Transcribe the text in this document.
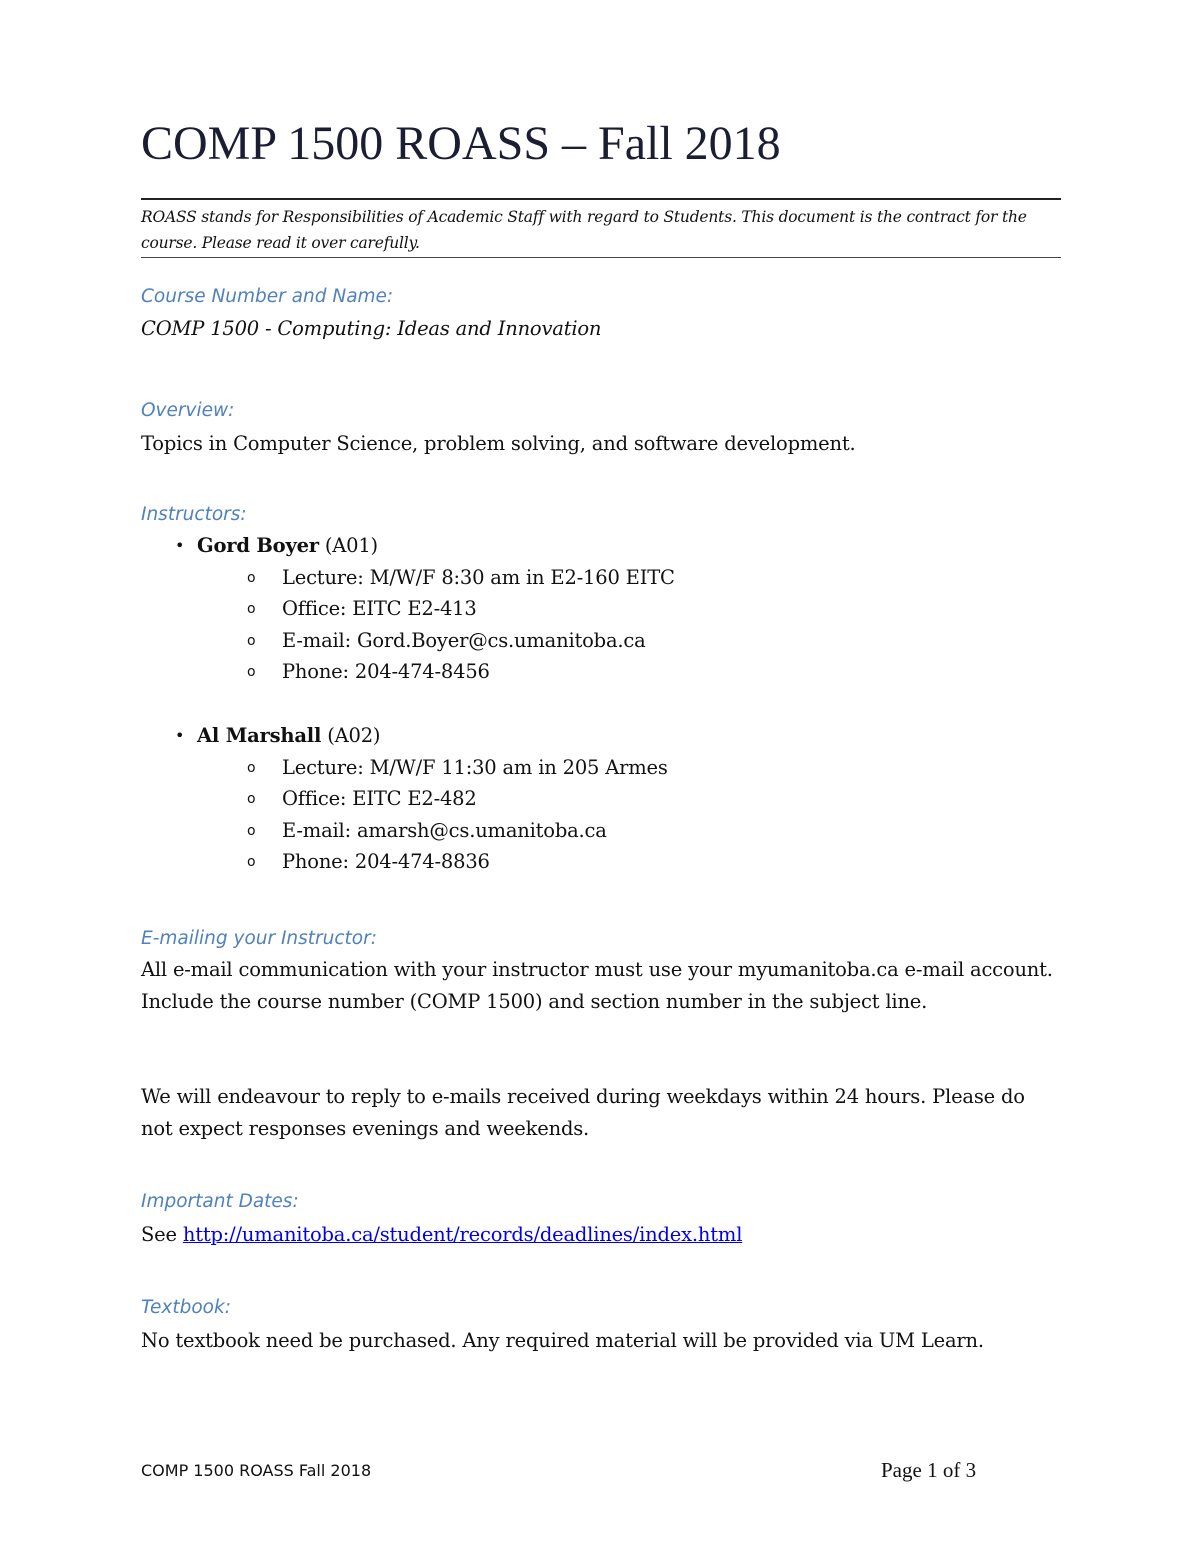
COMP 1500 ROASS – Fall 2018

ROASS stands for Responsibilities of Academic Staff with regard to Students. This document is the contract for the course. Please read it over carefully.

Course Number and Name:

COMP 1500 - Computing: Ideas and Innovation

Overview:

Topics in Computer Science, problem solving, and software development.

Instructors:
• Gord Boyer (A01)
o Lecture: M/W/F 8:30 am in E2-160 EITC
o Office: EITC E2-413
o E-mail: Gord.Boyer@cs.umanitoba.ca
o Phone: 204-474-8456
• Al Marshall (A02)
o Lecture: M/W/F 11:30 am in 205 Armes
o Office: EITC E2-482
o E-mail: amarsh@cs.umanitoba.ca
o Phone: 204-474-8836
E-mailing your Instructor:

All e-mail communication with your instructor must use your myumanitoba.ca e-mail account. Include the course number (COMP 1500) and section number in the subject line.

We will endeavour to reply to e-mails received during weekdays within 24 hours. Please do not expect responses evenings and weekends.

Important Dates:

See http://umanitoba.ca/student/records/deadlines/index.html

Textbook:

No textbook need be purchased. Any required material will be provided via UM Learn.

COMP 1500 ROASS Fall 2018	Page 1 of 3
